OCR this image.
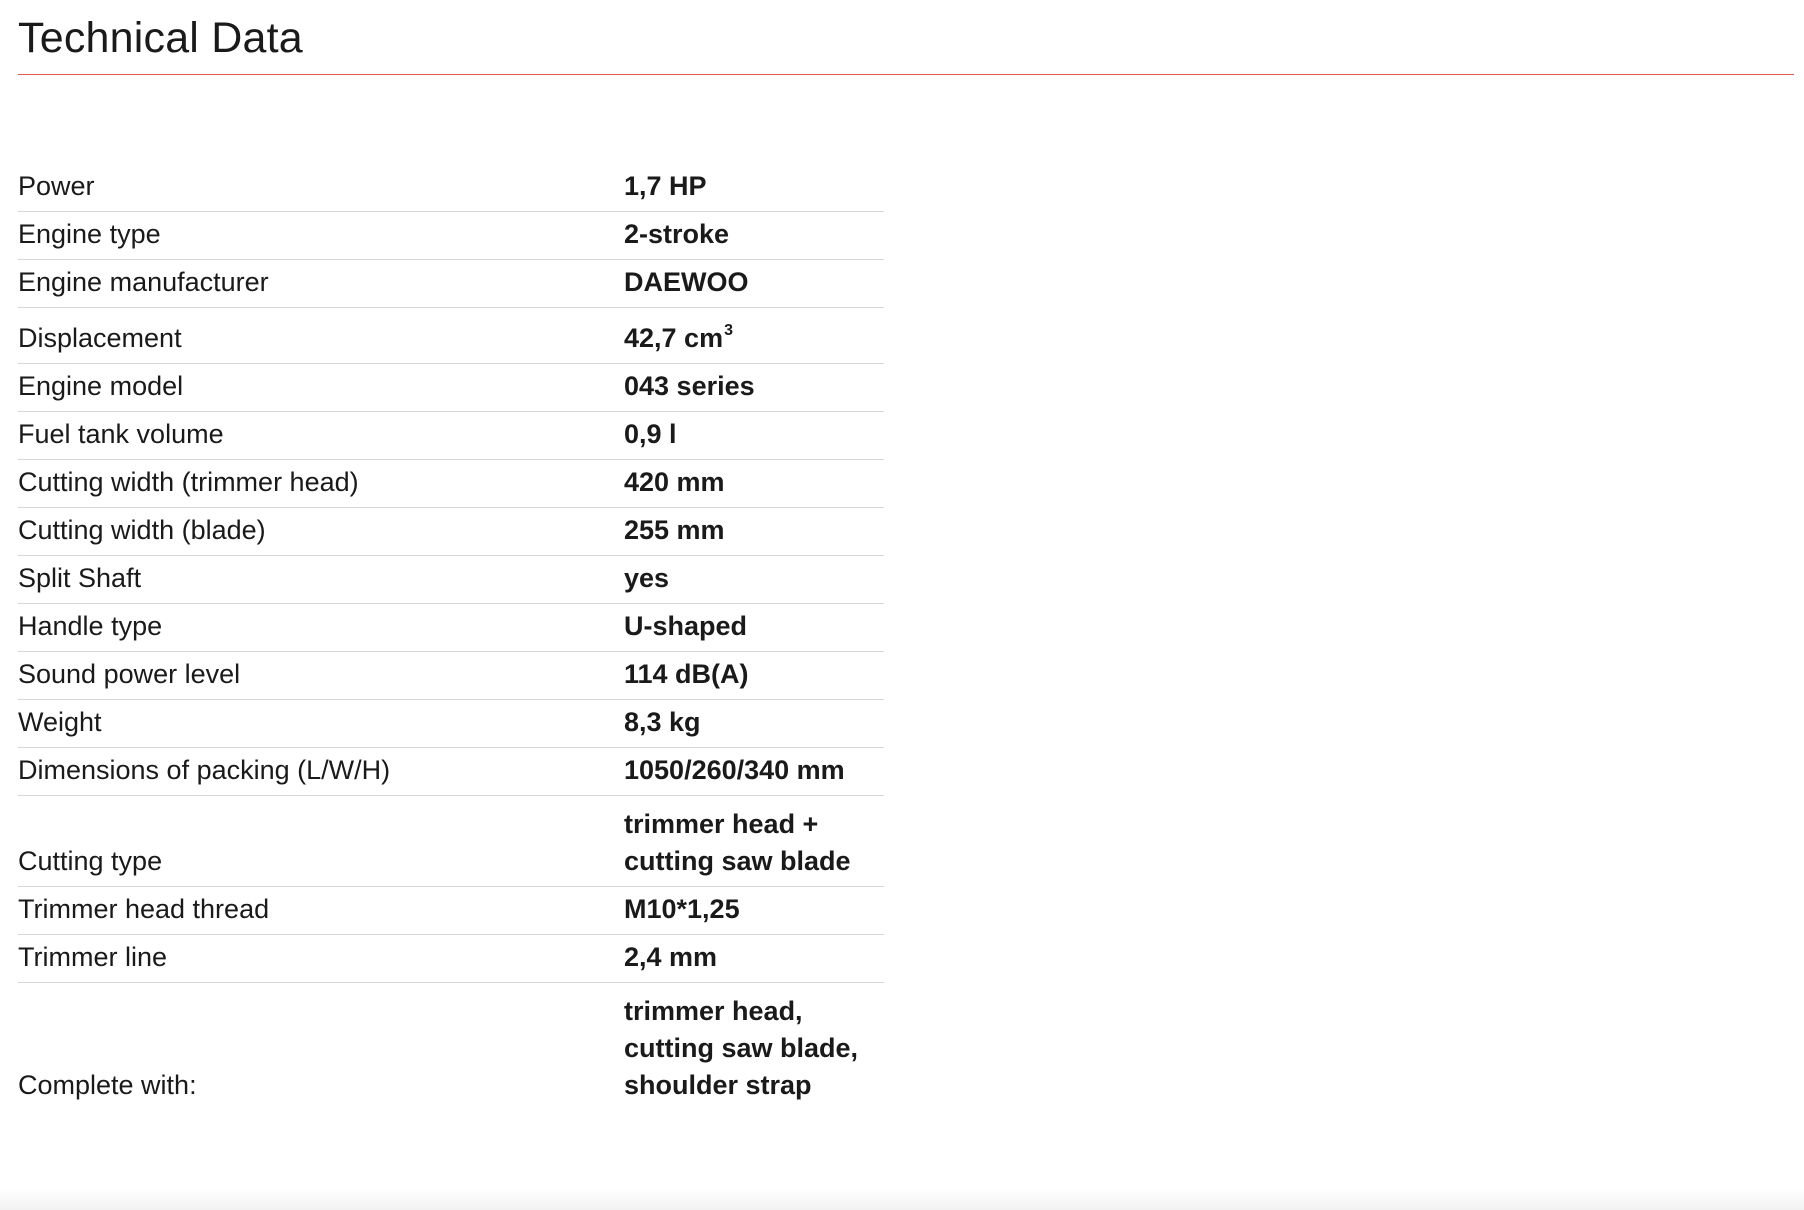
Technical Data
Power	1,7 HP
Engine type	2-stroke
Engine manufacturer	DAEWOO
Displacement	42,7 $cm^3$
Engine model	043 series
Fuel tank volume	0,9 l
Cutting width (trimmer head)	420 mm
Cutting width (blade)	255 mm
Split Shaft	yes
Handle type	U-shaped
Sound power level	114 dB(A)
Weight	8,3 kg
Dimensions of packing (L/W/H)	1050/260/340 mm
Cutting type	trimmer head +
cutting saw blade
Trimmer head thread	M10*1,25
Trimmer line	2,4 mm
Complete with:	trimmer head,
cutting saw blade,
shoulder strap
